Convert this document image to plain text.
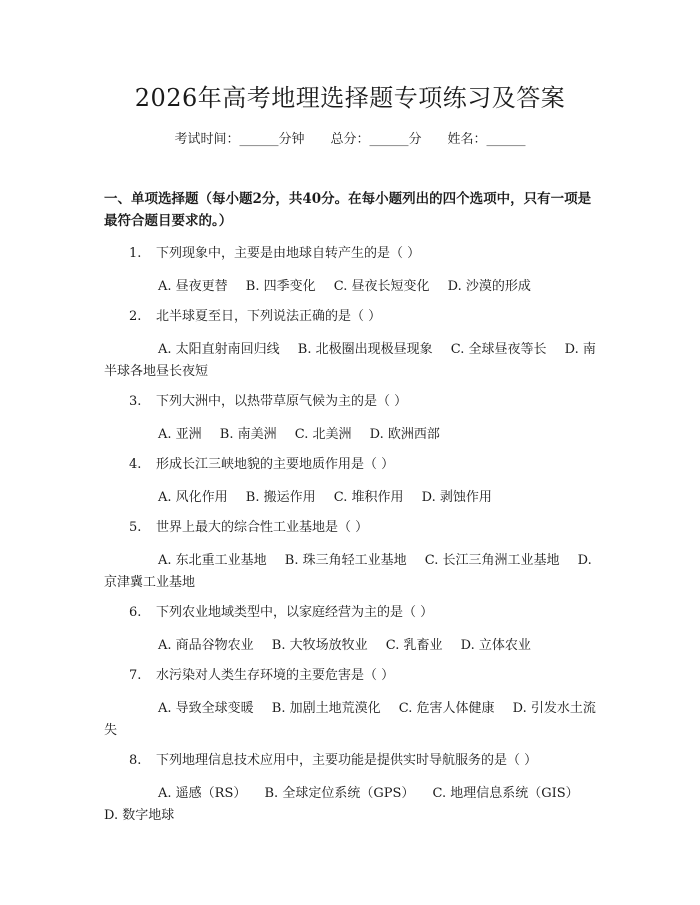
2026年高考地理选择题专项练习及答案
考试时间：______分钟 总分：______分 姓名：______
一、单项选择题（每小题2分，共40分。在每小题列出的四个选项中，只有一项是最符合题目要求的。）
1. 下列现象中，主要是由地球自转产生的是（ ）
A. 昼夜更替 B. 四季变化 C. 昼夜长短变化 D. 沙漠的形成
2. 北半球夏至日，下列说法正确的是（ ）
A. 太阳直射南回归线 B. 北极圈出现极昼现象 C. 全球昼夜等长 D. 南半球各地昼长夜短
3. 下列大洲中，以热带草原气候为主的是（ ）
A. 亚洲 B. 南美洲 C. 北美洲 D. 欧洲西部
4. 形成长江三峡地貌的主要地质作用是（ ）
A. 风化作用 B. 搬运作用 C. 堆积作用 D. 剥蚀作用
5. 世界上最大的综合性工业基地是（ ）
A. 东北重工业基地 B. 珠三角轻工业基地 C. 长江三角洲工业基地 D. 京津冀工业基地
6. 下列农业地域类型中，以家庭经营为主的是（ ）
A. 商品谷物农业 B. 大牧场放牧业 C. 乳畜业 D. 立体农业
7. 水污染对人类生存环境的主要危害是（ ）
A. 导致全球变暖 B. 加剧土地荒漠化 C. 危害人体健康 D. 引发水土流失
8. 下列地理信息技术应用中，主要功能是提供实时导航服务的是（ ）
A. 遥感（RS） B. 全球定位系统（GPS） C. 地理信息系统（GIS） D. 数字地球
